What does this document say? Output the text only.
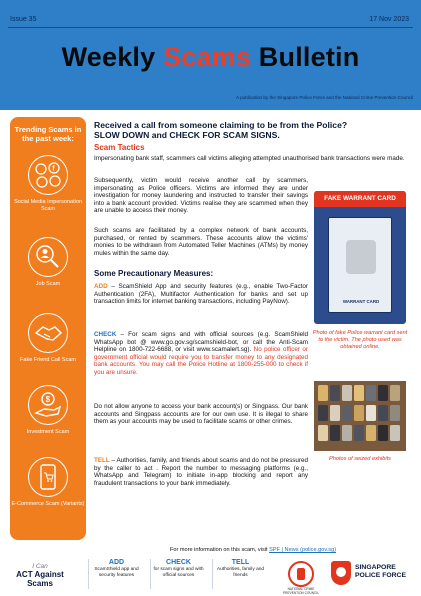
Issue 35	17 Nov 2023
Weekly Scams Bulletin
A publication by the Singapore Police Force and the National Crime Prevention Council
Trending Scams in the past week:
f
Social Media Impersonation Scam
Job Scam
Fake Friend Call Scam
$
Investment Scam
E-Commerce Scam (Variants)
Received a call from someone claiming to be from the Police?
SLOW DOWN and CHECK FOR SCAM SIGNS.
Scam Tactics
Impersonating bank staff, scammers call victims alleging attempted unauthorised bank transactions were made.
Subsequently, victim would receive another call by scammers, impersonating as Police officers. Victims are informed they are under investigation for money laundering and instructed to transfer their savings into a bank account provided. Victims realise they are scammed when they are unable to access their money.
Such scams are facilitated by a complex network of bank accounts, purchased, or rented by scammers. These accounts allow the victims' monies to be withdrawn from Automated Teller Machines (ATMs) by money mules within the same day.
Some Precautionary Measures:
ADD – ScamShield App and security features (e.g., enable Two-Factor Authentication (2FA), Multifactor Authentication for banks and set up transaction limits for internet banking transactions, including PayNow).
CHECK – For scam signs and with official sources (e.g. ScamShield WhatsApp bot @ www.go.gov.sg/scamshield-bot, or call the Anti-Scam Helpline on 1800-722-6688, or visit www.scamalert.sg). No police officer or government official would require you to transfer money to any designated bank accounts. You may call the Police Hotline at 1800-255-000 to check if you are unsure.
Do not allow anyone to access your bank account(s) or Singpass. Our bank accounts and Singpass accounts are for our own use. It is illegal to share them as your accounts may be used to facilitate scams or other crimes.
TELL – Authorities, family, and friends about scams and do not be pressured by the caller to act . Report the number to messaging platforms (e.g., WhatsApp and Telegram) to initiate in-app blocking and report any fraudulent transactions to your bank immediately.
FAKE WARRANT CARD
WARRANT CARD
Photo of fake Police warrant card sent to the victim. The photo used was obtained online.
Photos of seized exhibits
For more information on this scam, visit SPF | News (police.gov.sg)
I Can
ACT Against Scams
ADD
ScamShield app and security features
CHECK
for scam signs and with official sources
TELL
Authorities, family and friends
NATIONAL CRIME PREVENTION COUNCIL
SINGAPORE
POLICE FORCE
